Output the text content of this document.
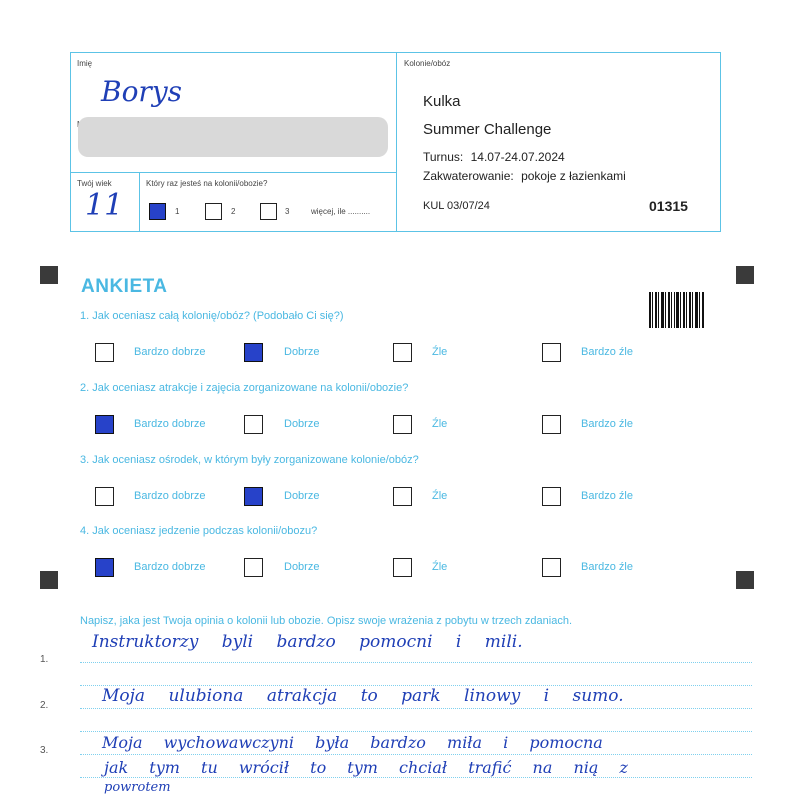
Imię
Borys
Twój wiek
11
Który raz jesteś na kolonii/obozie?
1	2	3	więcej, ile ..........
Kolonie/obóz
Kulka
Summer Challenge
Turnus: 14.07-24.07.2024
Zakwaterowanie: pokoje z łazienkami
KUL 03/07/24	01315
ANKIETA
1. Jak oceniasz całą kolonię/obóz? (Podobało Ci się?)
Bardzo dobrze	Dobrze	Źle	Bardzo źle
2. Jak oceniasz atrakcje i zajęcia zorganizowane na kolonii/obozie?
Bardzo dobrze	Dobrze	Źle	Bardzo źle
3. Jak oceniasz ośrodek, w którym były zorganizowane kolonie/obóz?
Bardzo dobrze	Dobrze	Źle	Bardzo źle
4. Jak oceniasz jedzenie podczas kolonii/obozu?
Bardzo dobrze	Dobrze	Źle	Bardzo źle
Napisz, jaka jest Twoja opinia o kolonii lub obozie. Opisz swoje wrażenia z pobytu w trzech zdaniach.
1.
2.
3.
Instruktorzy byli bardzo pomocni i mili.
Moja ulubiona atrakcja to park linowy i sumo.
Moja wychowawczyni była bardzo miła i pomocna
jak tym tu wrócił to tym chciał trafić na nią z
powrotem
